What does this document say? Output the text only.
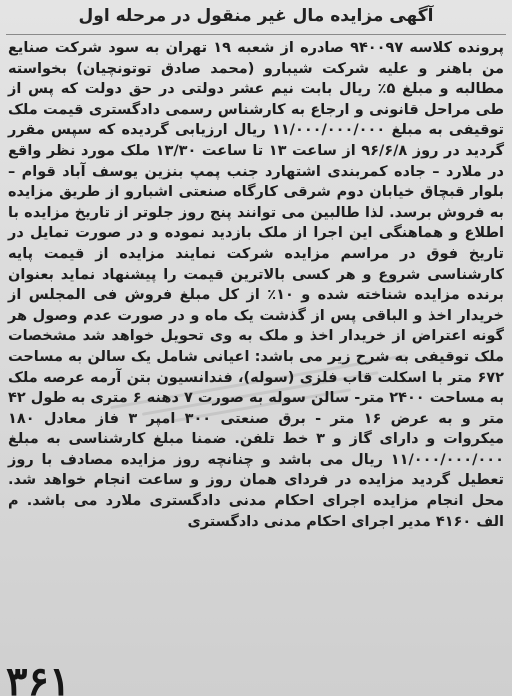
آگهی مزایده مال غیر منقول در مرحله اول

پرونده کلاسه ۹۴۰۰۹۷ صادره از شعبه ۱۹ تهران به سود شرکت صنایع من باهنر و علیه شرکت شیبارو (محمد صادق توتونچیان) بخواسته مطالبه و مبلغ ۵٪ ریال بابت نیم عشر دولتی در حق دولت که پس از طی مراحل قانونی و ارجاع به کارشناس رسمی دادگستری قیمت ملک توقیفی به مبلغ ۱۱/۰۰۰/۰۰۰/۰۰۰ ریال ارزیابی گردیده که سپس مقرر گردید در روز ۹۶/۶/۸ از ساعت ۱۳ تا ساعت ۱۳/۳۰ ملک مورد نظر واقع در ملارد – جاده کمربندی اشتهارد جنب پمپ بنزین یوسف آباد قوام – بلوار قبچاق خیابان دوم شرقی کارگاه صنعتی اشبارو از طریق مزایده به فروش برسد. لذا طالبین می توانند پنج روز جلوتر از تاریخ مزایده با اطلاع و هماهنگی این اجرا از ملک بازدید نموده و در صورت تمایل در تاریخ فوق در مراسم مزایده شرکت نمایند مزایده از قیمت پایه کارشناسی شروع و هر کسی بالاترین قیمت را پیشنهاد نماید بعنوان برنده مزایده شناخته شده و ۱۰٪ از کل مبلغ فروش فی المجلس از خریدار اخذ و الباقی پس از گذشت یک ماه و در صورت عدم وصول هر گونه اعتراض از خریدار اخذ و ملک به وی تحویل خواهد شد مشخصات ملک توقیفی به شرح زیر می باشد: اعیانی شامل یک سالن به مساحت ۶۷۲ متر با اسکلت قاب فلزی (سوله)، فندانسیون بتن آرمه عرصه ملک به مساحت ۲۴۰۰ متر- سالن سوله به صورت ۷ دهنه ۶ متری به طول ۴۲ متر و به عرض ۱۶ متر - برق صنعتی ۳۰۰ امپر ۳ فاز معادل ۱۸۰ میکروات و دارای گاز و ۳ خط تلفن. ضمنا مبلغ کارشناسی به مبلغ ۱۱/۰۰۰/۰۰۰/۰۰۰ ریال می باشد و چنانچه روز مزایده مصادف با روز تعطیل گردید مزایده در فردای همان روز و ساعت انجام خواهد شد. محل انجام مزایده اجرای احکام مدنی دادگستری ملارد می باشد. م الف ۴۱۶۰ مدیر اجرای احکام مدنی دادگستری

۳۶۱
